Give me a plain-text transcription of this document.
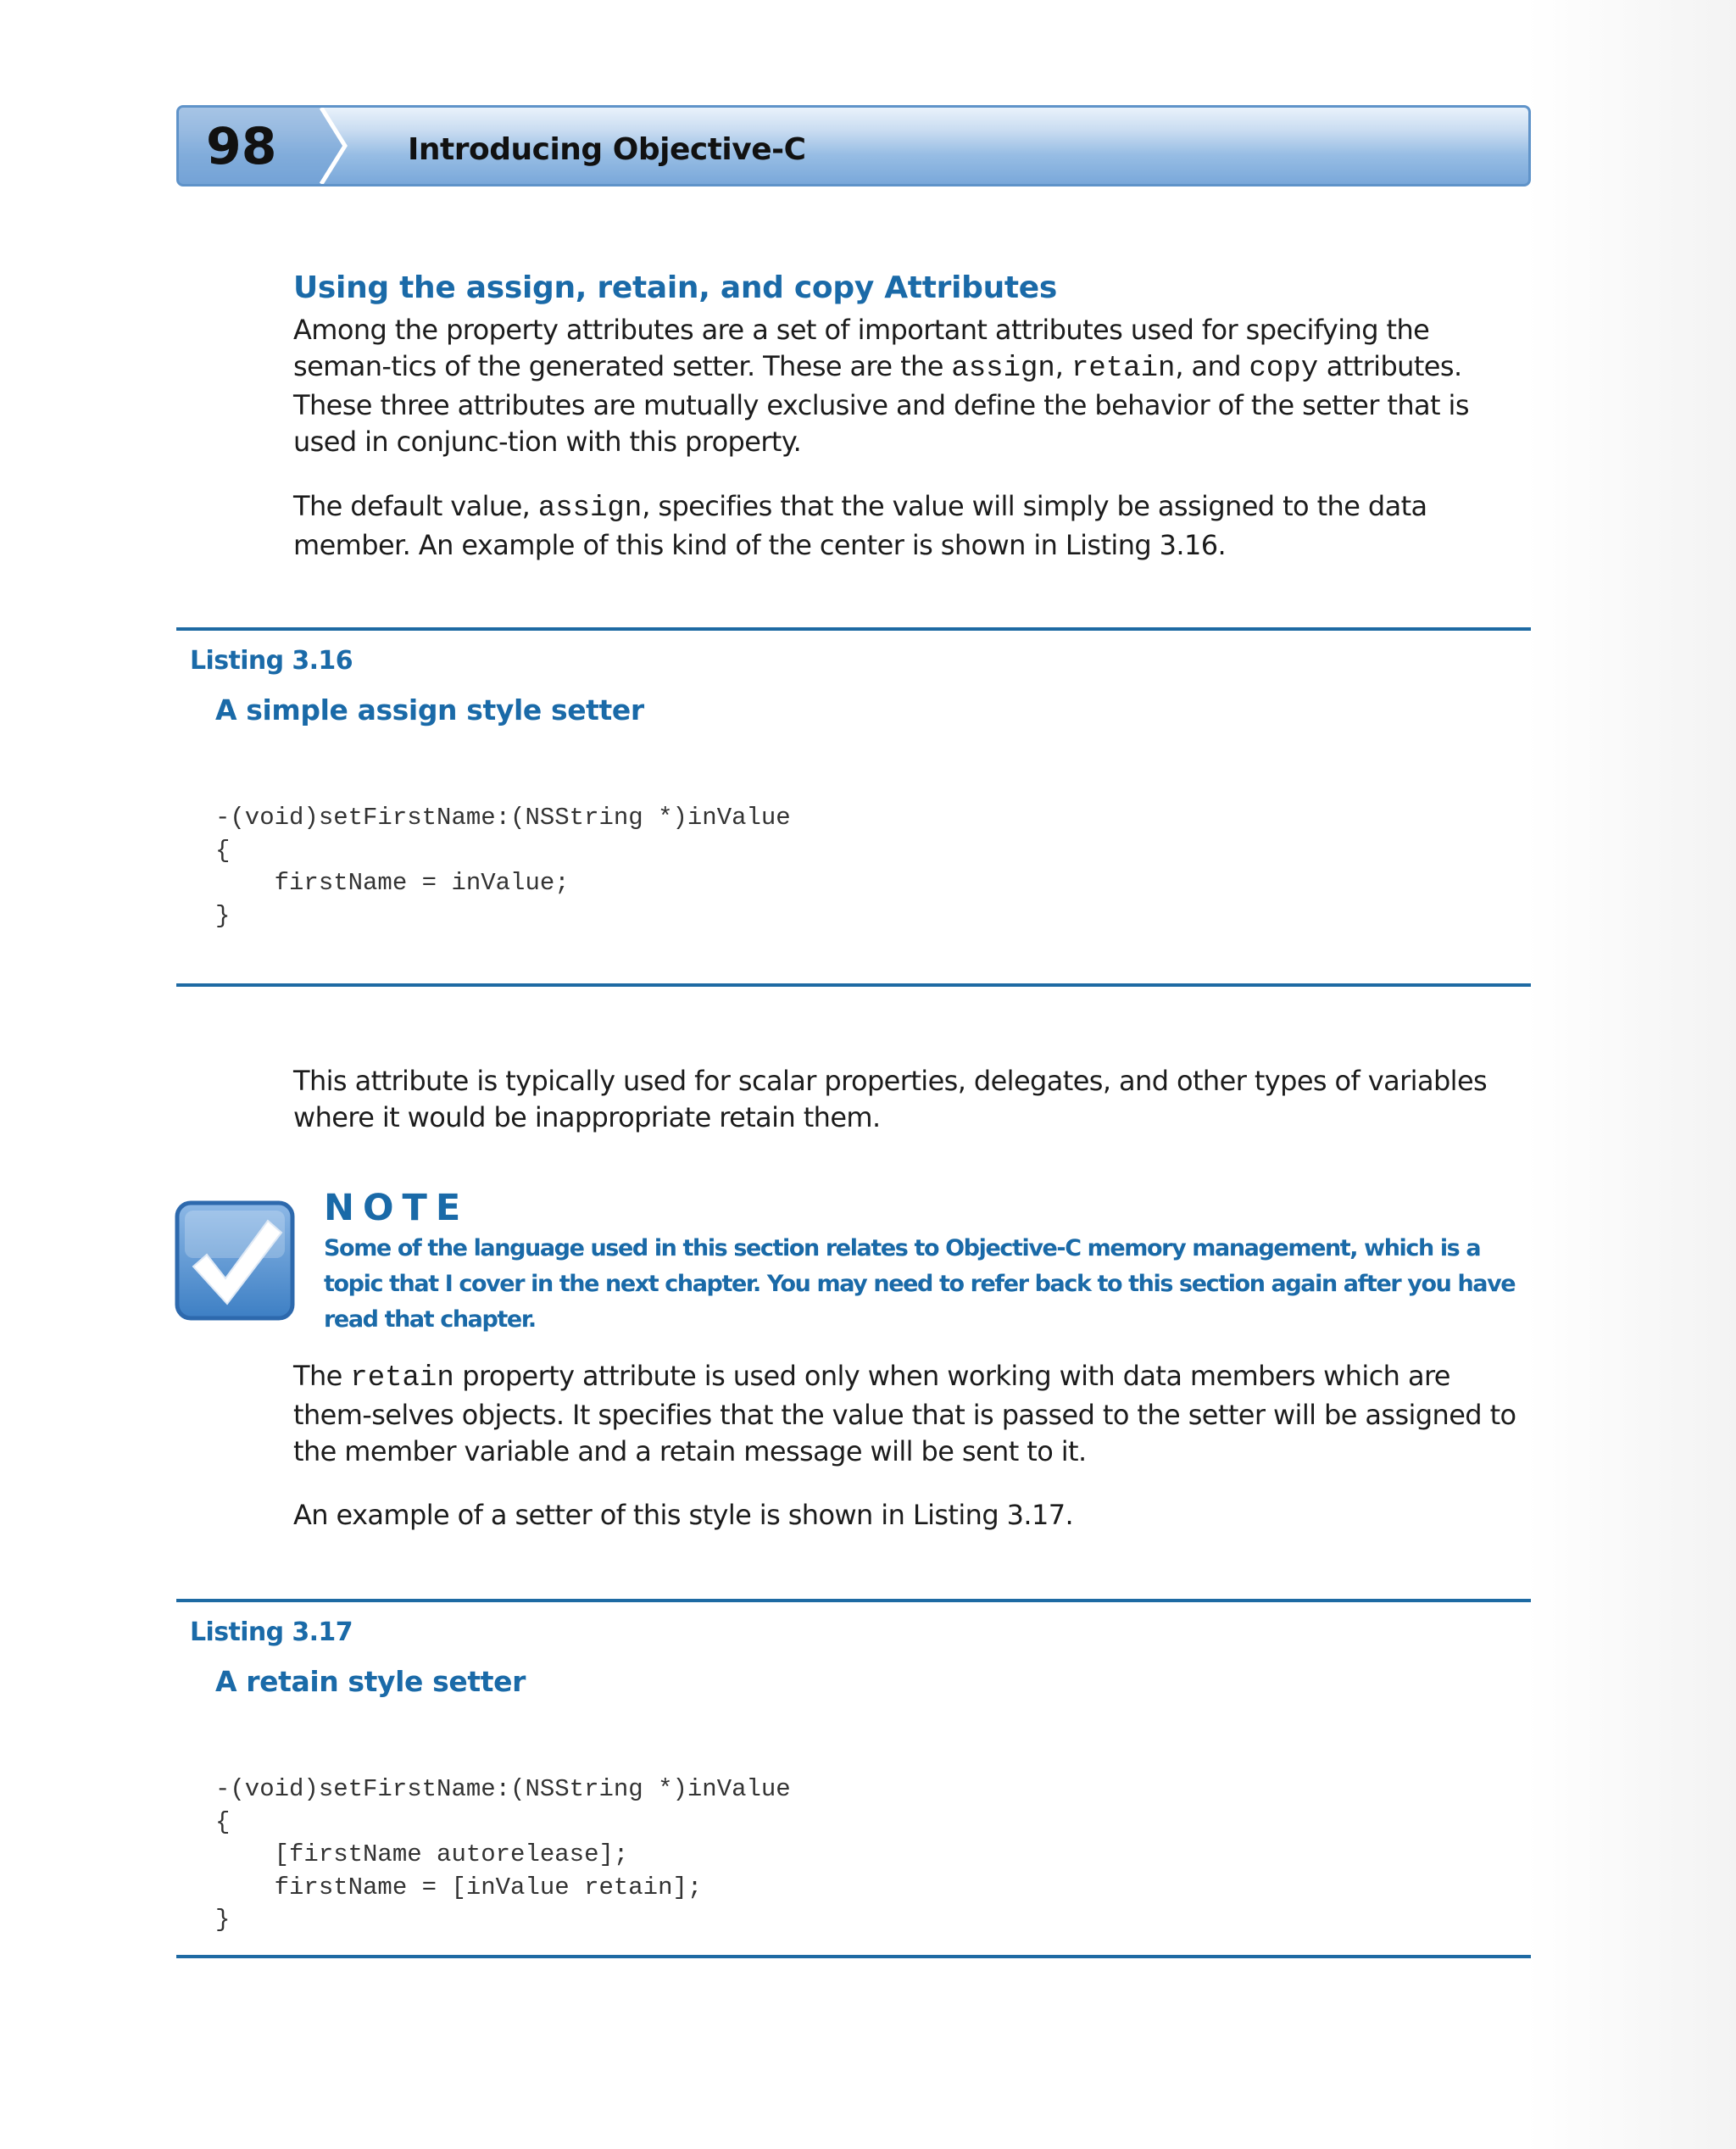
98	Introducing Objective-C
Using the assign, retain, and copy Attributes

Among the property attributes are a set of important attributes used for specifying the seman-tics of the generated setter. These are the assign, retain, and copy attributes. These three attributes are mutually exclusive and define the behavior of the setter that is used in conjunc-tion with this property.

The default value, assign, specifies that the value will simply be assigned to the data member. An example of this kind of the center is shown in Listing 3.16.

Listing 3.16
A simple assign style setter
-(void)setFirstName:(NSString *)inValue
{
firstName = inValue;
}

This attribute is typically used for scalar properties, delegates, and other types of variables where it would be inappropriate retain them.

NOTE

Some of the language used in this section relates to Objective-C memory management, which is a topic that I cover in the next chapter. You may need to refer back to this section again after you have read that chapter.

The retain property attribute is used only when working with data members which are them-selves objects. It specifies that the value that is passed to the setter will be assigned to the member variable and a retain message will be sent to it.

An example of a setter of this style is shown in Listing 3.17.

Listing 3.17
A retain style setter
-(void)setFirstName:(NSString *)inValue
{
[firstName autorelease];
firstName = [inValue retain];
}
